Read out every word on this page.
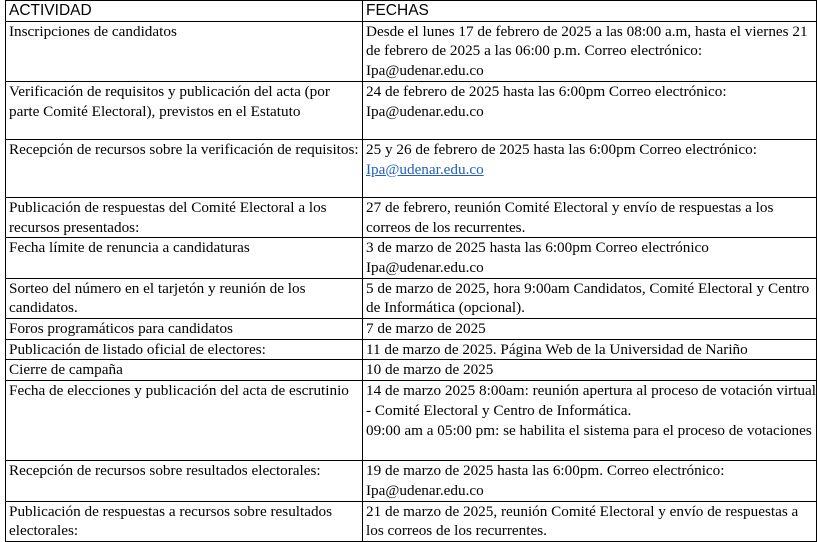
ACTIVIDAD	FECHAS
Inscripciones de candidatos	Desde el lunes 17 de febrero de 2025 a las 08:00 a.m, hasta el viernes 21 de febrero de 2025 a las 06:00 p.m. Correo electrónico: Ipa@udenar.edu.co
Verificación de requisitos y publicación del acta (por parte Comité Electoral), previstos en el Estatuto	24 de febrero de 2025 hasta las 6:00pm Correo electrónico: Ipa@udenar.edu.co
Recepción de recursos sobre la verificación de requisitos:	25 y 26 de febrero de 2025 hasta las 6:00pm Correo electrónico: Ipa@udenar.edu.co
Publicación de respuestas del Comité Electoral a los recursos presentados:	27 de febrero, reunión Comité Electoral y envío de respuestas a los correos de los recurrentes.
Fecha límite de renuncia a candidaturas	3 de marzo de 2025 hasta las 6:00pm Correo electrónico Ipa@udenar.edu.co
Sorteo del número en el tarjetón y reunión de los candidatos.	5 de marzo de 2025, hora 9:00am Candidatos, Comité Electoral y Centro de Informática (opcional).
Foros programáticos para candidatos	7 de marzo de 2025
Publicación de listado oficial de electores:	11 de marzo de 2025. Página Web de la Universidad de Nariño
Cierre de campaña	10 de marzo de 2025
Fecha de elecciones y publicación del acta de escrutinio	14 de marzo 2025 8:00am: reunión apertura al proceso de votación virtual - Comité Electoral y Centro de Informática.
09:00 am a 05:00 pm: se habilita el sistema para el proceso de votaciones

Recepción de recursos sobre resultados electorales:	19 de marzo de 2025 hasta las 6:00pm. Correo electrónico: Ipa@udenar.edu.co
Publicación de respuestas a recursos sobre resultados electorales:	21 de marzo de 2025, reunión Comité Electoral y envío de respuestas a los correos de los recurrentes.
